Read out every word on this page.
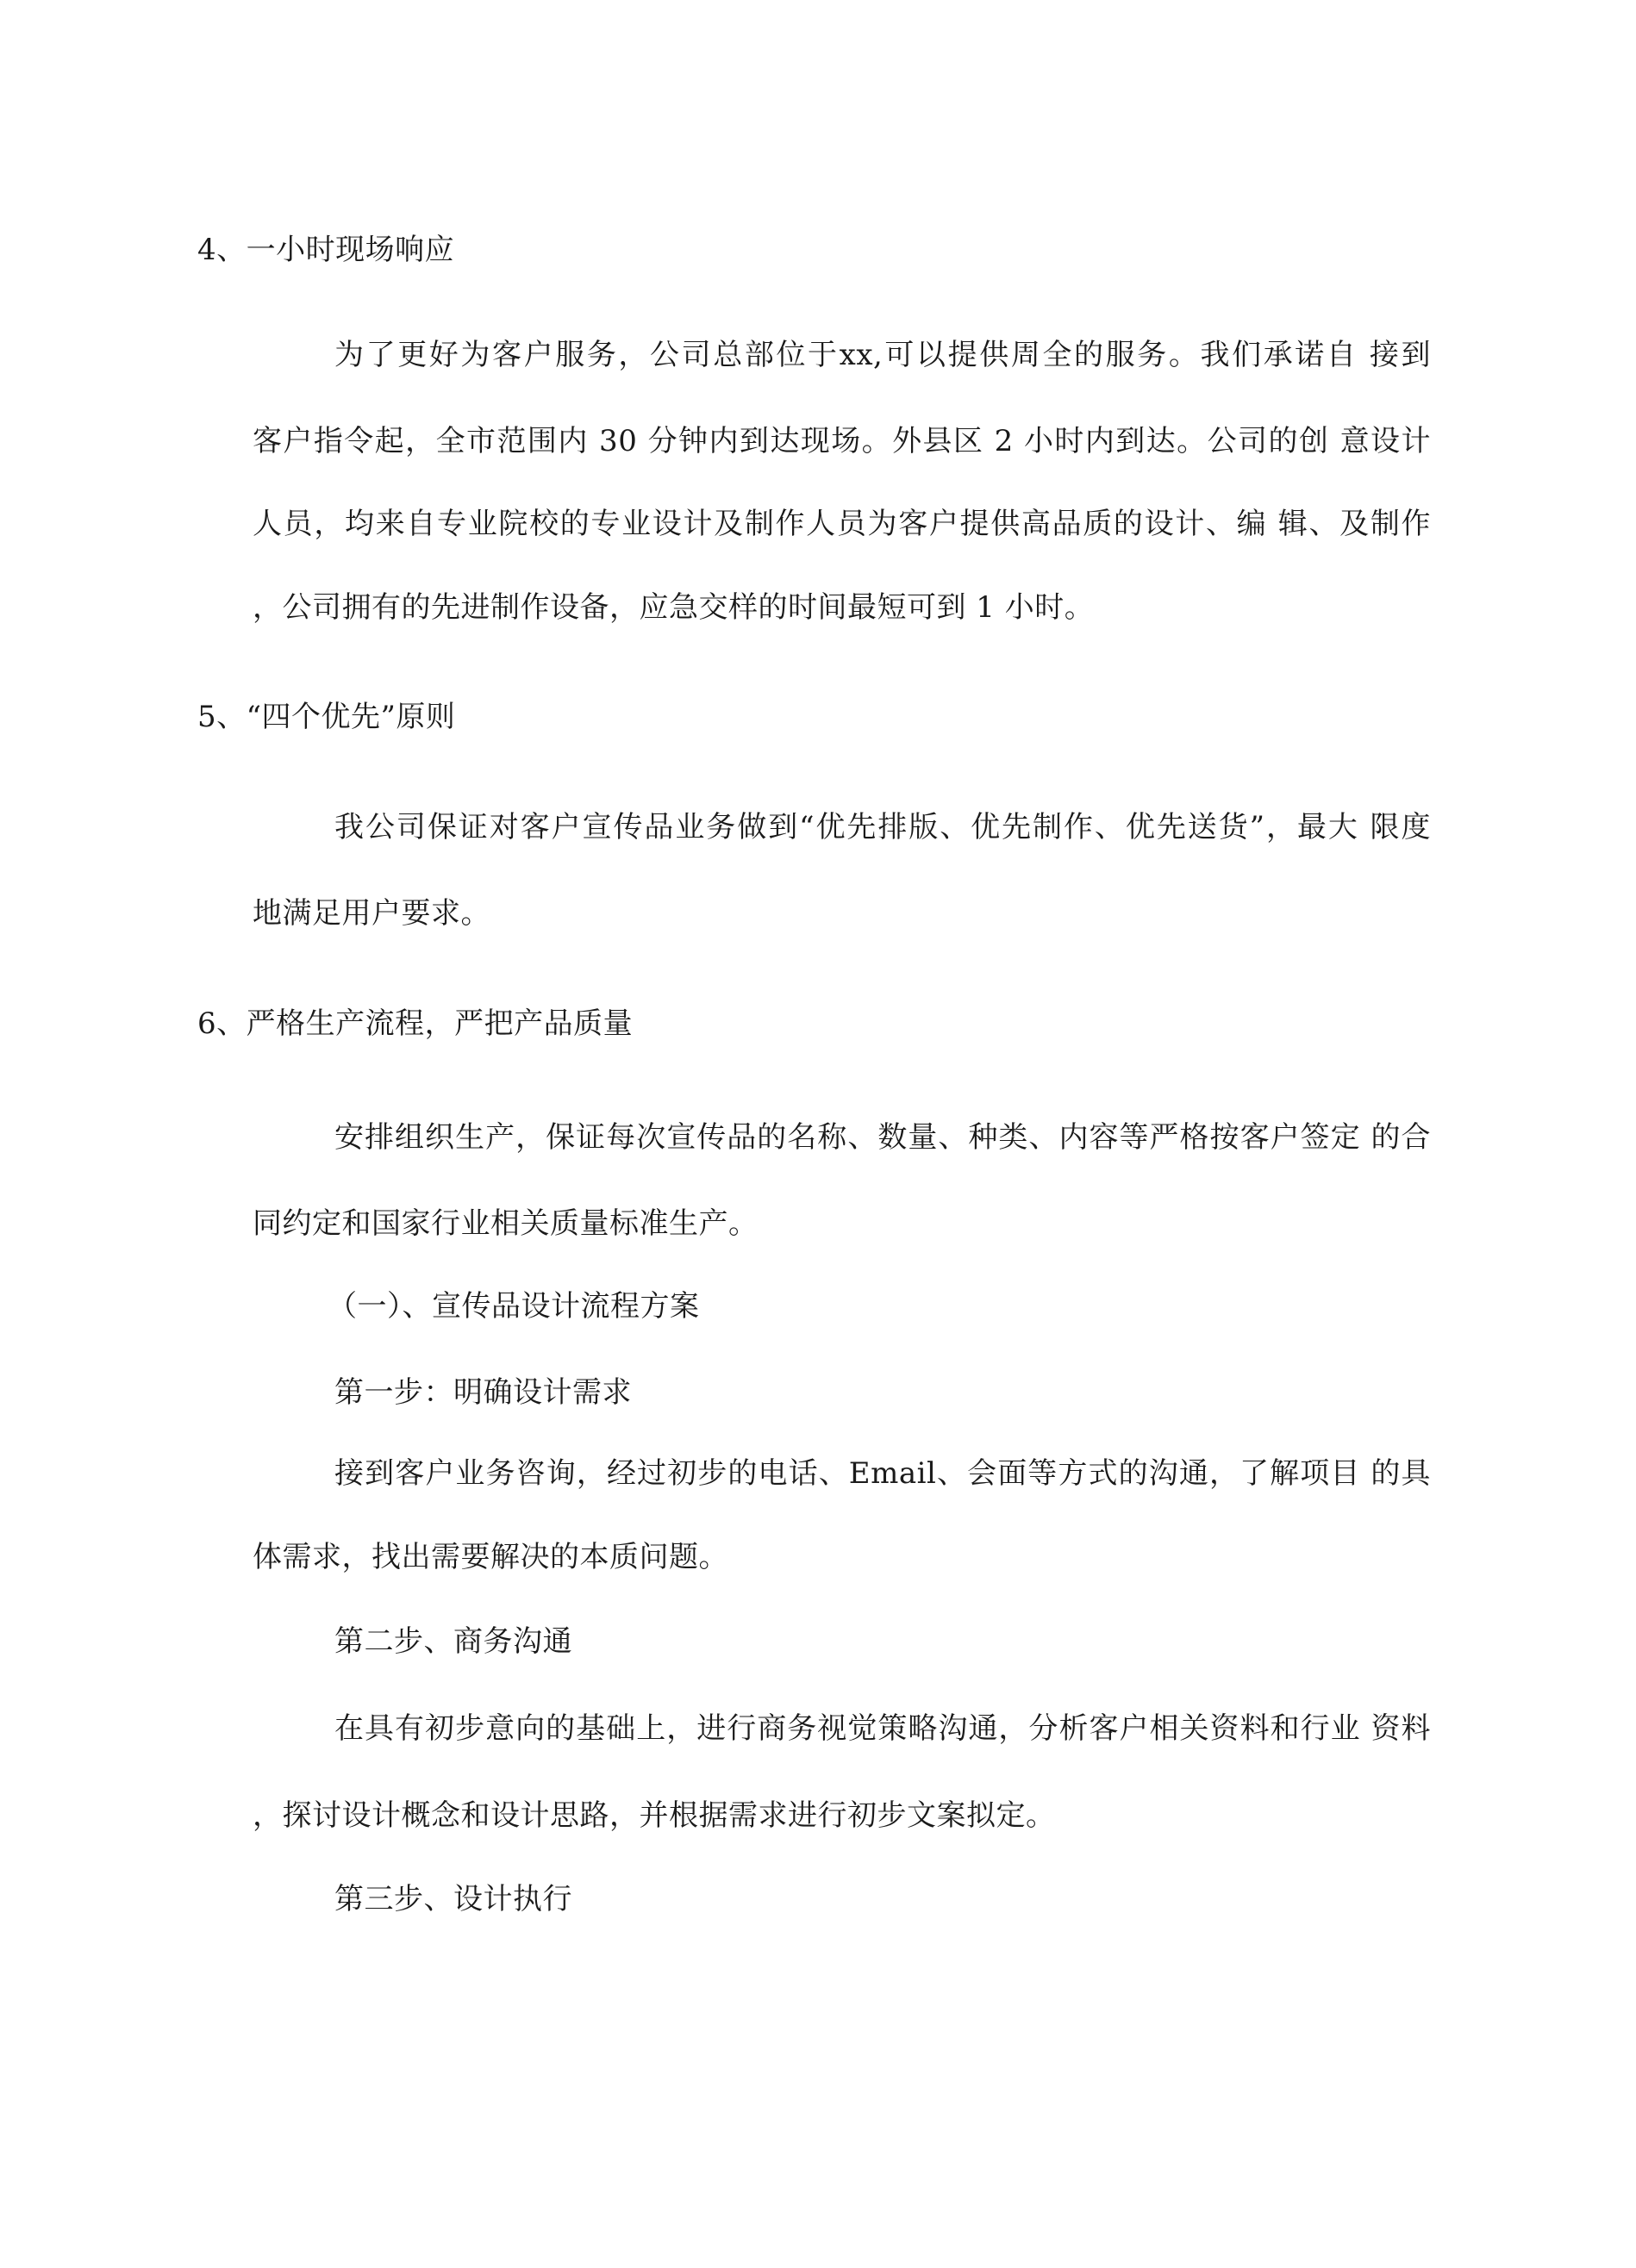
4、一小时现场响应
为了更好为客户服务，公司总部位于xx,可以提供周全的服务。我们承诺自 接到
客户指令起，全市范围内 30 分钟内到达现场。外县区 2 小时内到达。公司的创 意设计
人员，均来自专业院校的专业设计及制作人员为客户提供高品质的设计、编 辑、及制作
，公司拥有的先进制作设备，应急交样的时间最短可到 1 小时。
5、“四个优先”原则
我公司保证对客户宣传品业务做到“优先排版、优先制作、优先送货”，最大 限度
地满足用户要求。
6、严格生产流程，严把产品质量
安排组织生产，保证每次宣传品的名称、数量、种类、内容等严格按客户签定 的合
同约定和国家行业相关质量标准生产。
（一）、宣传品设计流程方案
第一步：明确设计需求
接到客户业务咨询，经过初步的电话、Email、会面等方式的沟通，了解项目 的具
体需求，找出需要解决的本质问题。
第二步、商务沟通
在具有初步意向的基础上，进行商务视觉策略沟通，分析客户相关资料和行业 资料
，探讨设计概念和设计思路，并根据需求进行初步文案拟定。
第三步、设计执行
